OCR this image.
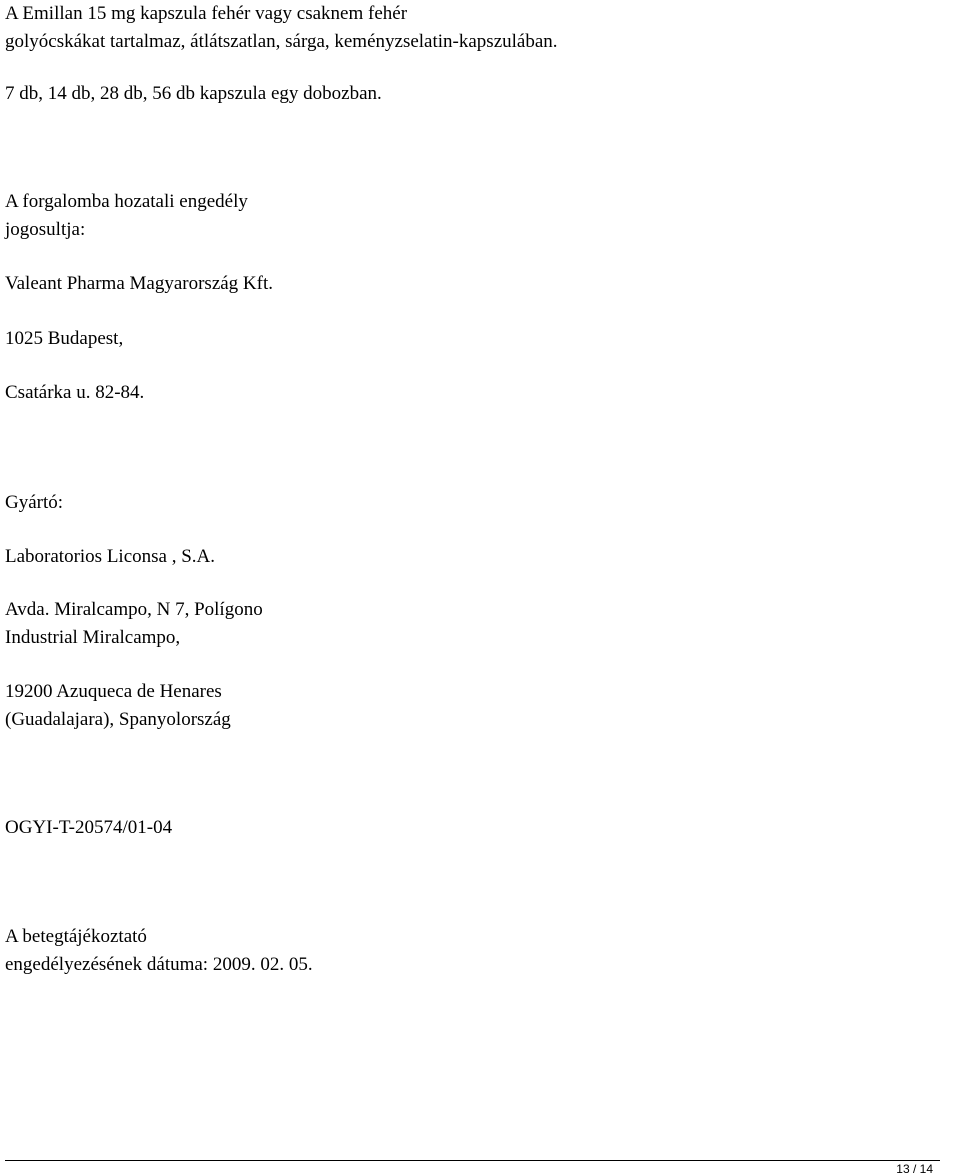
A Emillan 15 mg kapszula fehér vagy csaknem fehér
golyócskákat tartalmaz, átlátszatlan, sárga, keményzselatin-kapszulában.
7 db, 14 db, 28 db, 56 db kapszula egy dobozban.
A forgalomba hozatali engedély
jogosultja:
Valeant Pharma Magyarország Kft.
1025 Budapest,
Csatárka u. 82-84.
Gyártó:
Laboratorios Liconsa , S.A.
Avda. Miralcampo, N 7, Polígono
Industrial Miralcampo,
19200 Azuqueca de Henares
(Guadalajara), Spanyolország
OGYI-T-20574/01-04
A betegtájékoztató
engedélyezésének dátuma: 2009. 02. 05.
13 / 14
